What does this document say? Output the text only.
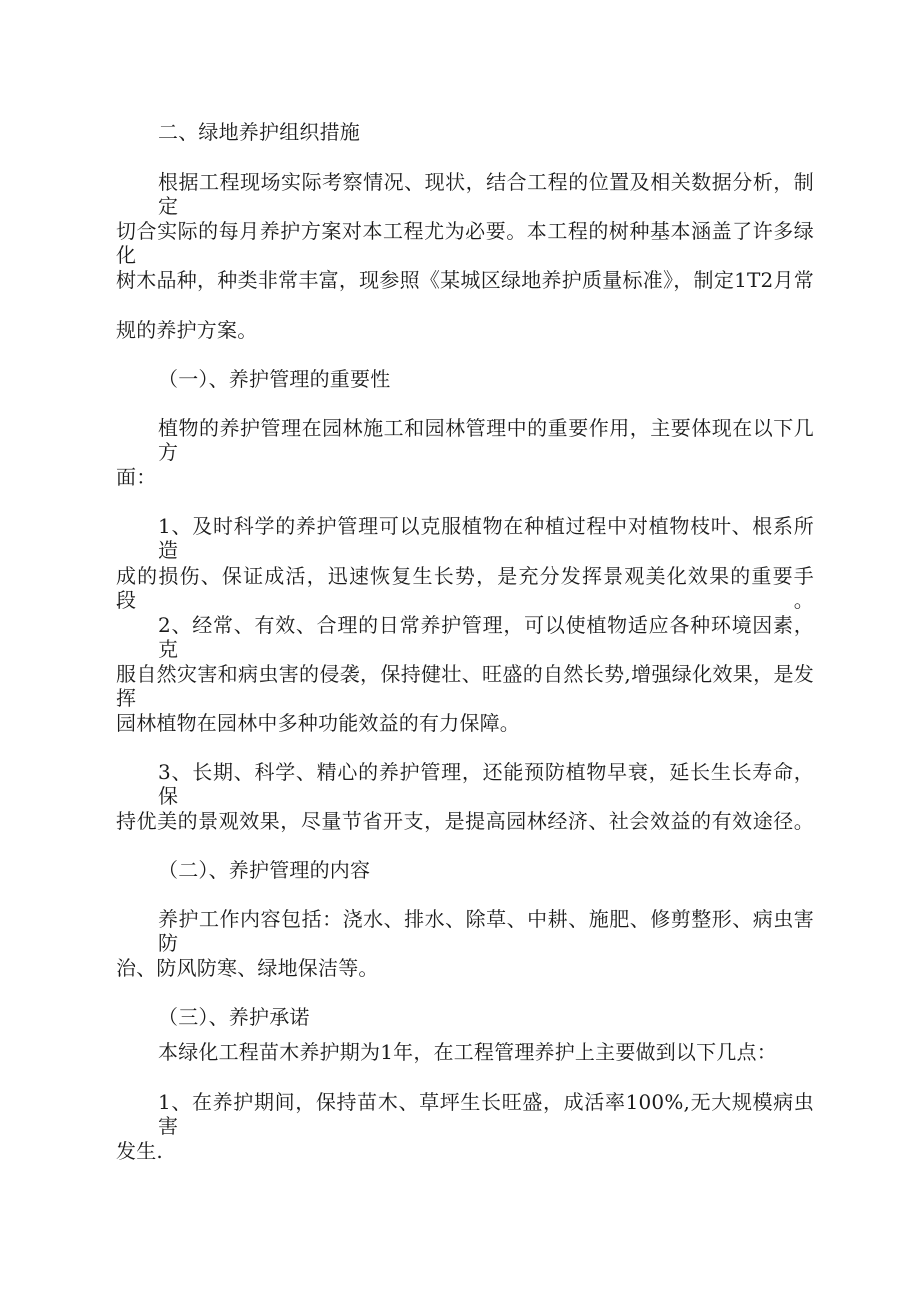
二、绿地养护组织措施

根据工程现场实际考察情况、现状，结合工程的位置及相关数据分析，制定

切合实际的每月养护方案对本工程尤为必要。本工程的树种基本涵盖了许多绿化

树木品种，种类非常丰富，现参照《某城区绿地养护质量标准》，制定1T2月常

规的养护方案。

（一）、养护管理的重要性

植物的养护管理在园林施工和园林管理中的重要作用，主要体现在以下几方

面：

1、及时科学的养护管理可以克服植物在种植过程中对植物枝叶、根系所造

成的损伤、保证成活，迅速恢复生长势，是充分发挥景观美化效果的重要手段。

2、经常、有效、合理的日常养护管理，可以使植物适应各种环境因素，克

服自然灾害和病虫害的侵袭，保持健壮、旺盛的自然长势,增强绿化效果，是发挥

园林植物在园林中多种功能效益的有力保障。

3、长期、科学、精心的养护管理，还能预防植物早衰，延长生长寿命，保

持优美的景观效果，尽量节省开支，是提高园林经济、社会效益的有效途径。

（二）、养护管理的内容

养护工作内容包括：浇水、排水、除草、中耕、施肥、修剪整形、病虫害防

治、防风防寒、绿地保洁等。

（三）、养护承诺

本绿化工程苗木养护期为1年，在工程管理养护上主要做到以下几点：

1、在养护期间，保持苗木、草坪生长旺盛，成活率100%,无大规模病虫害

发生.
